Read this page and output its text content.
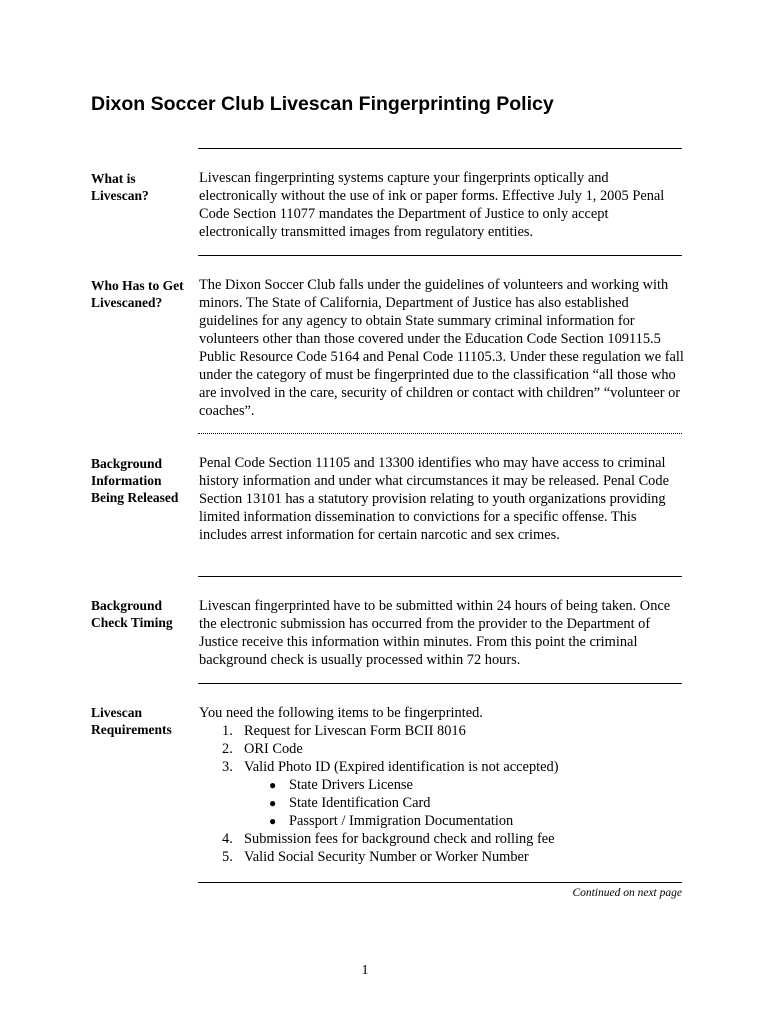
Dixon Soccer Club Livescan Fingerprinting Policy
What is
Livescan?

Livescan fingerprinting systems capture your fingerprints optically and electronically without the use of ink or paper forms. Effective July 1, 2005 Penal Code Section 11077 mandates the Department of Justice to only accept electronically transmitted images from regulatory entities.

Who Has to Get
Livescaned?

The Dixon Soccer Club falls under the guidelines of volunteers and working with minors. The State of California, Department of Justice has also established guidelines for any agency to obtain State summary criminal information for volunteers other than those covered under the Education Code Section 109115.5 Public Resource Code 5164 and Penal Code 11105.3. Under these regulation we fall under the category of must be fingerprinted due to the classification “all those who are involved in the care, security of children or contact with children” “volunteer or coaches”.

Background
Information
Being Released

Penal Code Section 11105 and 13300 identifies who may have access to criminal history information and under what circumstances it may be released. Penal Code Section 13101 has a statutory provision relating to youth organizations providing limited information dissemination to convictions for a specific offense. This includes arrest information for certain narcotic and sex crimes.

Background
Check Timing

Livescan fingerprinted have to be submitted within 24 hours of being taken. Once the electronic submission has occurred from the provider to the Department of Justice receive this information within minutes. From this point the criminal background check is usually processed within 72 hours.

Livescan
Requirements

You need the following items to be fingerprinted.

1. Request for Livescan Form BCII 8016
2. ORI Code
3. Valid Photo ID (Expired identification is not accepted)
● State Drivers License
● State Identification Card
● Passport / Immigration Documentation
4. Submission fees for background check and rolling fee
5. Valid Social Security Number or Worker Number
Continued on next page
1
